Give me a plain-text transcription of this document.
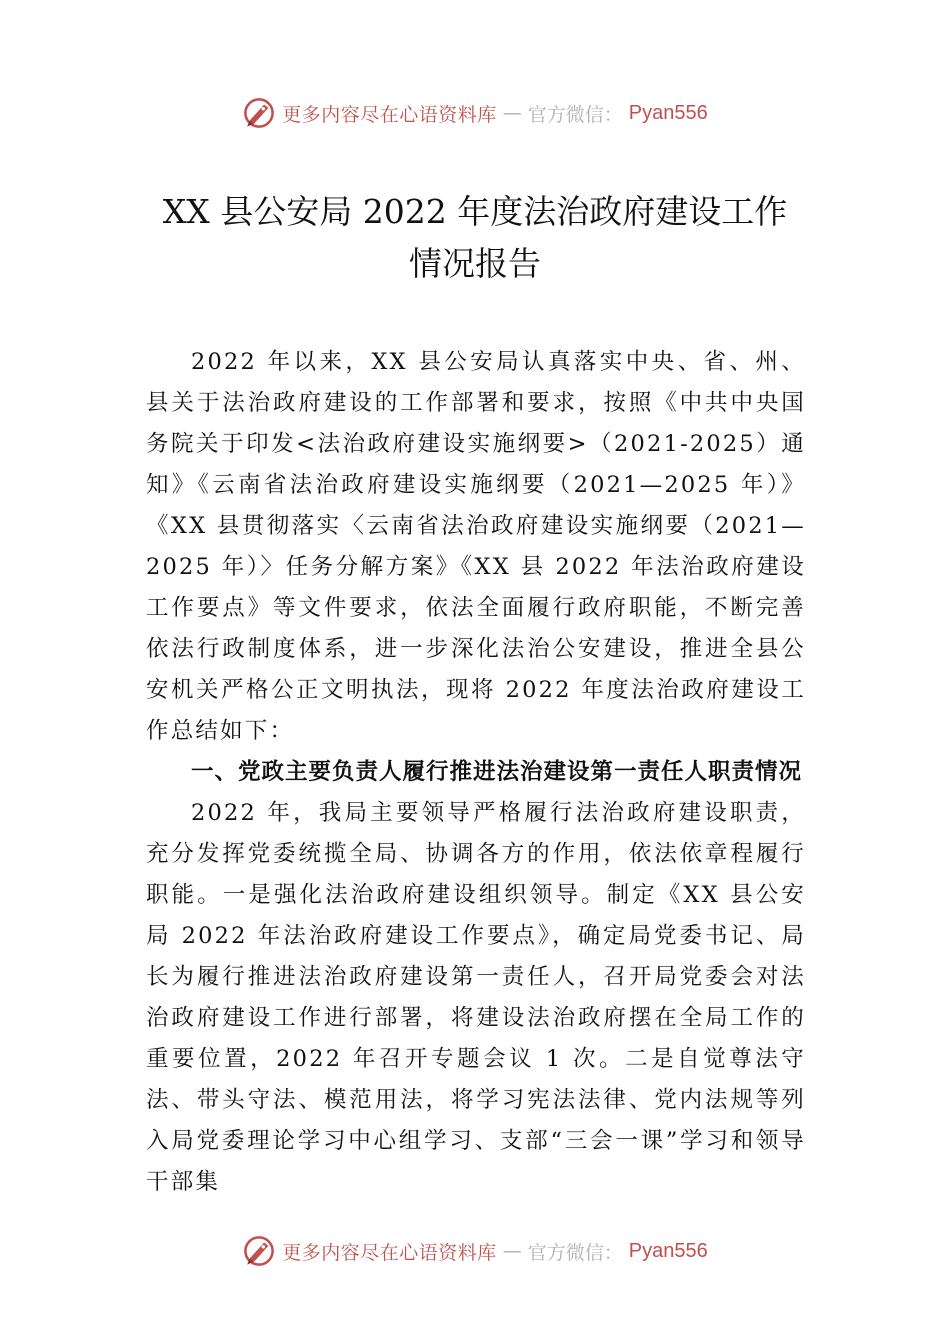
更多内容尽在心语资料库 — 官方微信： Pyan556
XX 县公安局 2022 年度法治政府建设工作
情况报告

2022 年以来，XX 县公安局认真落实中央、省、州、县关于法治政府建设的工作部署和要求，按照《中共中央国务院关于印发<法治政府建设实施纲要>（2021-2025）通知》《云南省法治政府建设实施纲要（2021—2025 年）》《XX 县贯彻落实〈云南省法治政府建设实施纲要（2021—2025 年）〉任务分解方案》《XX 县 2022 年法治政府建设工作要点》等文件要求，依法全面履行政府职能，不断完善依法行政制度体系，进一步深化法治公安建设，推进全县公安机关严格公正文明执法，现将 2022 年度法治政府建设工作总结如下：

一、党政主要负责人履行推进法治建设第一责任人职责情况

2022 年，我局主要领导严格履行法治政府建设职责，充分发挥党委统揽全局、协调各方的作用，依法依章程履行职能。一是强化法治政府建设组织领导。制定《XX 县公安局 2022 年法治政府建设工作要点》，确定局党委书记、局长为履行推进法治政府建设第一责任人，召开局党委会对法治政府建设工作进行部署，将建设法治政府摆在全局工作的重要位置，2022 年召开专题会议 1 次。二是自觉尊法守法、带头守法、模范用法，将学习宪法法律、党内法规等列入局党委理论学习中心组学习、支部“三会一课”学习和领导干部集

更多内容尽在心语资料库 — 官方微信： Pyan556
